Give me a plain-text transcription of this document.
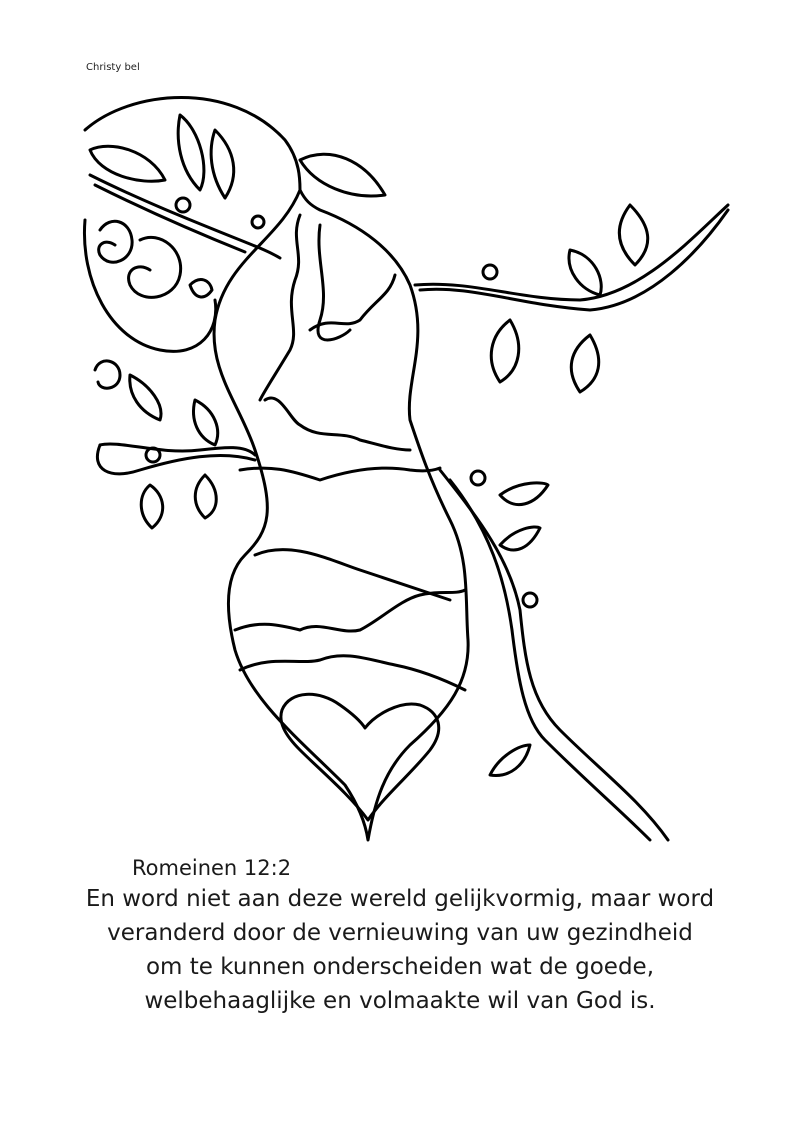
Christy bel
Romeinen 12:2
En word niet aan deze wereld gelijkvormig, maar word
veranderd door de vernieuwing van uw gezindheid
om te kunnen onderscheiden wat de goede,
welbehaaglijke en volmaakte wil van God is.
